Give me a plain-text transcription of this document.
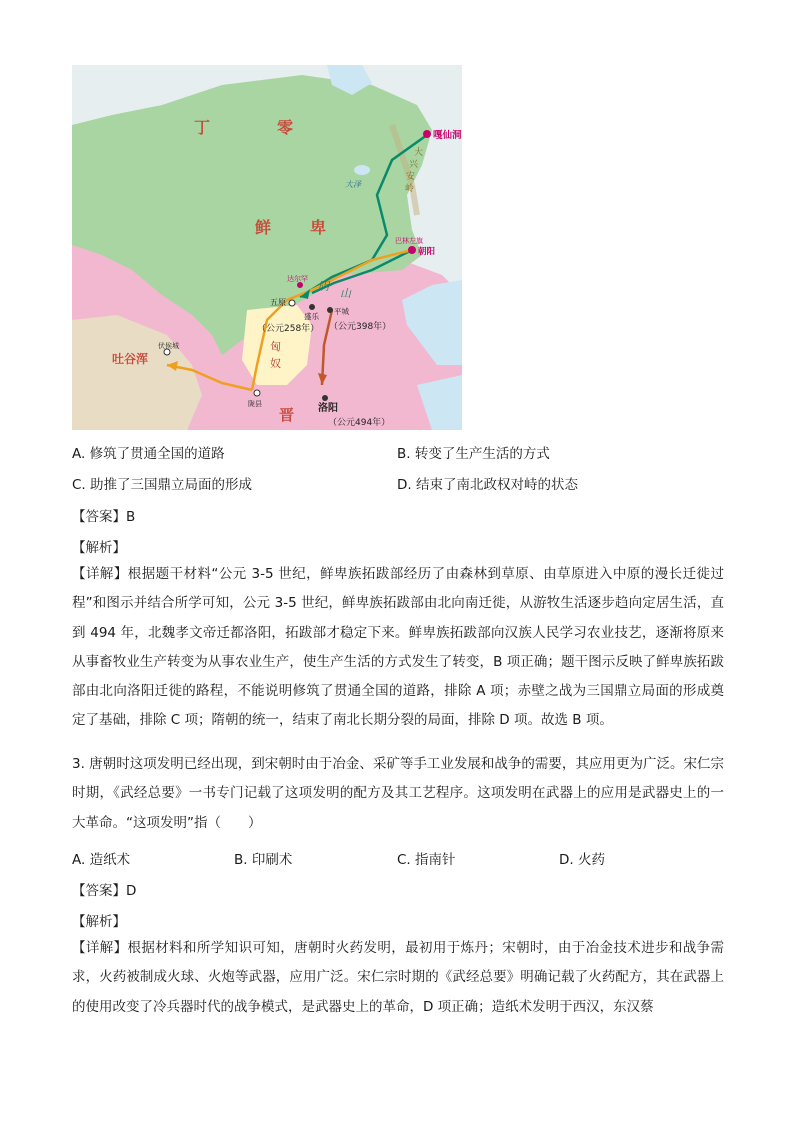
丁	零
鲜 卑
吐谷浑
匈
奴
晋
嘎仙洞
大
兴
安
岭
大泽
巴林左旗
朝阳
阴
山
达尔罕
五原
盛乐
平城
（公元258年） （公元398年）
伏俟城
陇县	洛阳
（公元494年）
A. 修筑了贯通全国的道路	B. 转变了生产生活的方式
C. 助推了三国鼎立局面的形成	D. 结束了南北政权对峙的状态
【答案】B
【解析】
【详解】根据题干材料“公元 3-5 世纪，鲜卑族拓跋部经历了由森林到草原、由草原进入中原的漫长迁徙过程”和图示并结合所学可知，公元 3-5 世纪，鲜卑族拓跋部由北向南迁徙，从游牧生活逐步趋向定居生活，直到 494 年，北魏孝文帝迁都洛阳，拓跋部才稳定下来。鲜卑族拓跋部向汉族人民学习农业技艺，逐渐将原来从事畜牧业生产转变为从事农业生产，使生产生活的方式发生了转变，B 项正确；题干图示反映了鲜卑族拓跋部由北向洛阳迁徙的路程，不能说明修筑了贯通全国的道路，排除 A 项；赤壁之战为三国鼎立局面的形成奠定了基础，排除 C 项；隋朝的统一，结束了南北长期分裂的局面，排除 D 项。故选 B 项。
3. 唐朝时这项发明已经出现，到宋朝时由于冶金、采矿等手工业发展和战争的需要，其应用更为广泛。宋仁宗时期，《武经总要》一书专门记载了这项发明的配方及其工艺程序。这项发明在武器上的应用是武器史上的一大革命。“这项发明”指（　　）
A. 造纸术	B. 印刷术	C. 指南针	D. 火药
【答案】D
【解析】
【详解】根据材料和所学知识可知，唐朝时火药发明，最初用于炼丹；宋朝时，由于冶金技术进步和战争需求，火药被制成火球、火炮等武器，应用广泛。宋仁宗时期的《武经总要》明确记载了火药配方，其在武器上的使用改变了冷兵器时代的战争模式，是武器史上的革命，D 项正确；造纸术发明于西汉，东汉蔡
